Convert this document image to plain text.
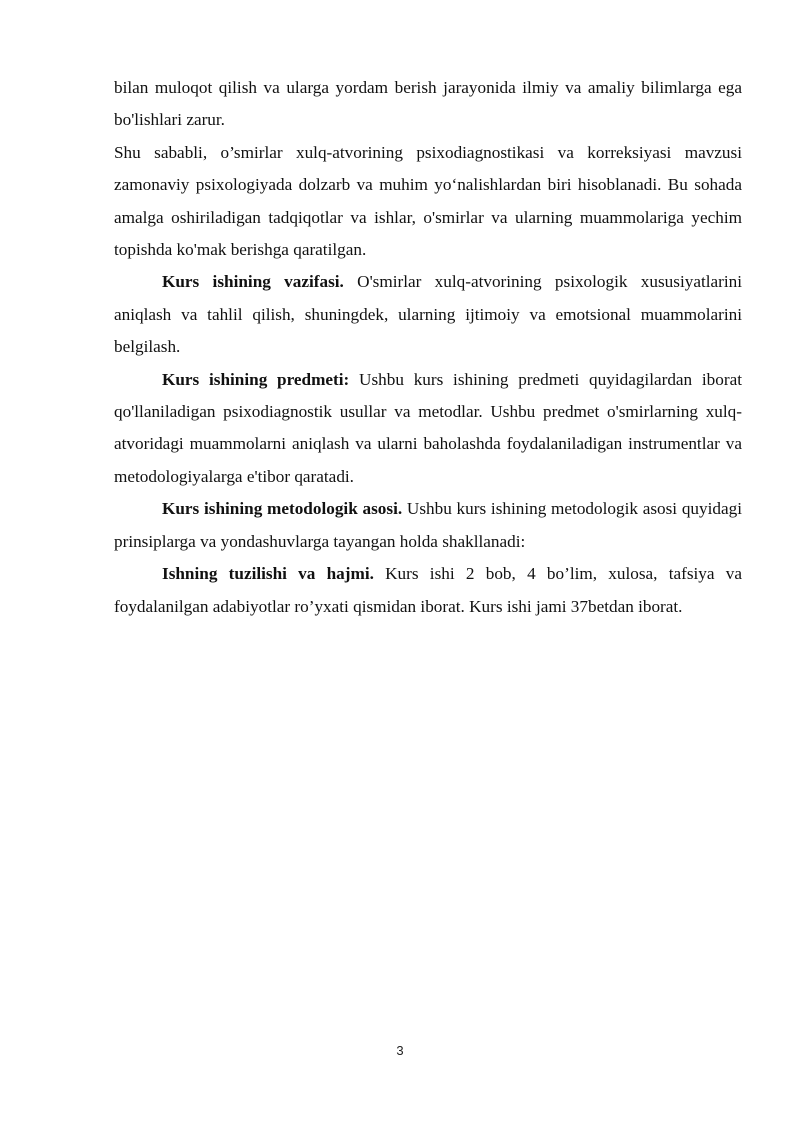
bilan muloqot qilish va ularga yordam berish jarayonida ilmiy va amaliy bilimlarga ega bo'lishlari zarur.

Shu sababli, o’smirlar xulq-atvorining psixodiagnostikasi va korreksiyasi mavzusi zamonaviy psixologiyada dolzarb va muhim yo‘nalishlardan biri hisoblanadi. Bu sohada amalga oshiriladigan tadqiqotlar va ishlar, o'smirlar va ularning muammolariga yechim topishda ko'mak berishga qaratilgan.

Kurs ishining vazifasi. O'smirlar xulq-atvorining psixologik xususiyatlarini aniqlash va tahlil qilish, shuningdek, ularning ijtimoiy va emotsional muammolarini belgilash.

Kurs ishining predmeti: Ushbu kurs ishining predmeti quyidagilardan iborat qo'llaniladigan psixodiagnostik usullar va metodlar. Ushbu predmet o'smirlarning xulq-atvoridagi muammolarni aniqlash va ularni baholashda foydalaniladigan instrumentlar va metodologiyalarga e'tibor qaratadi.

Kurs ishining metodologik asosi. Ushbu kurs ishining metodologik asosi quyidagi prinsiplarga va yondashuvlarga tayangan holda shakllanadi:

Ishning tuzilishi va hajmi. Kurs ishi 2 bob, 4 bo’lim, xulosa, tafsiya va foydalanilgan adabiyotlar ro’yxati qismidan iborat. Kurs ishi jami 37betdan iborat.

3
